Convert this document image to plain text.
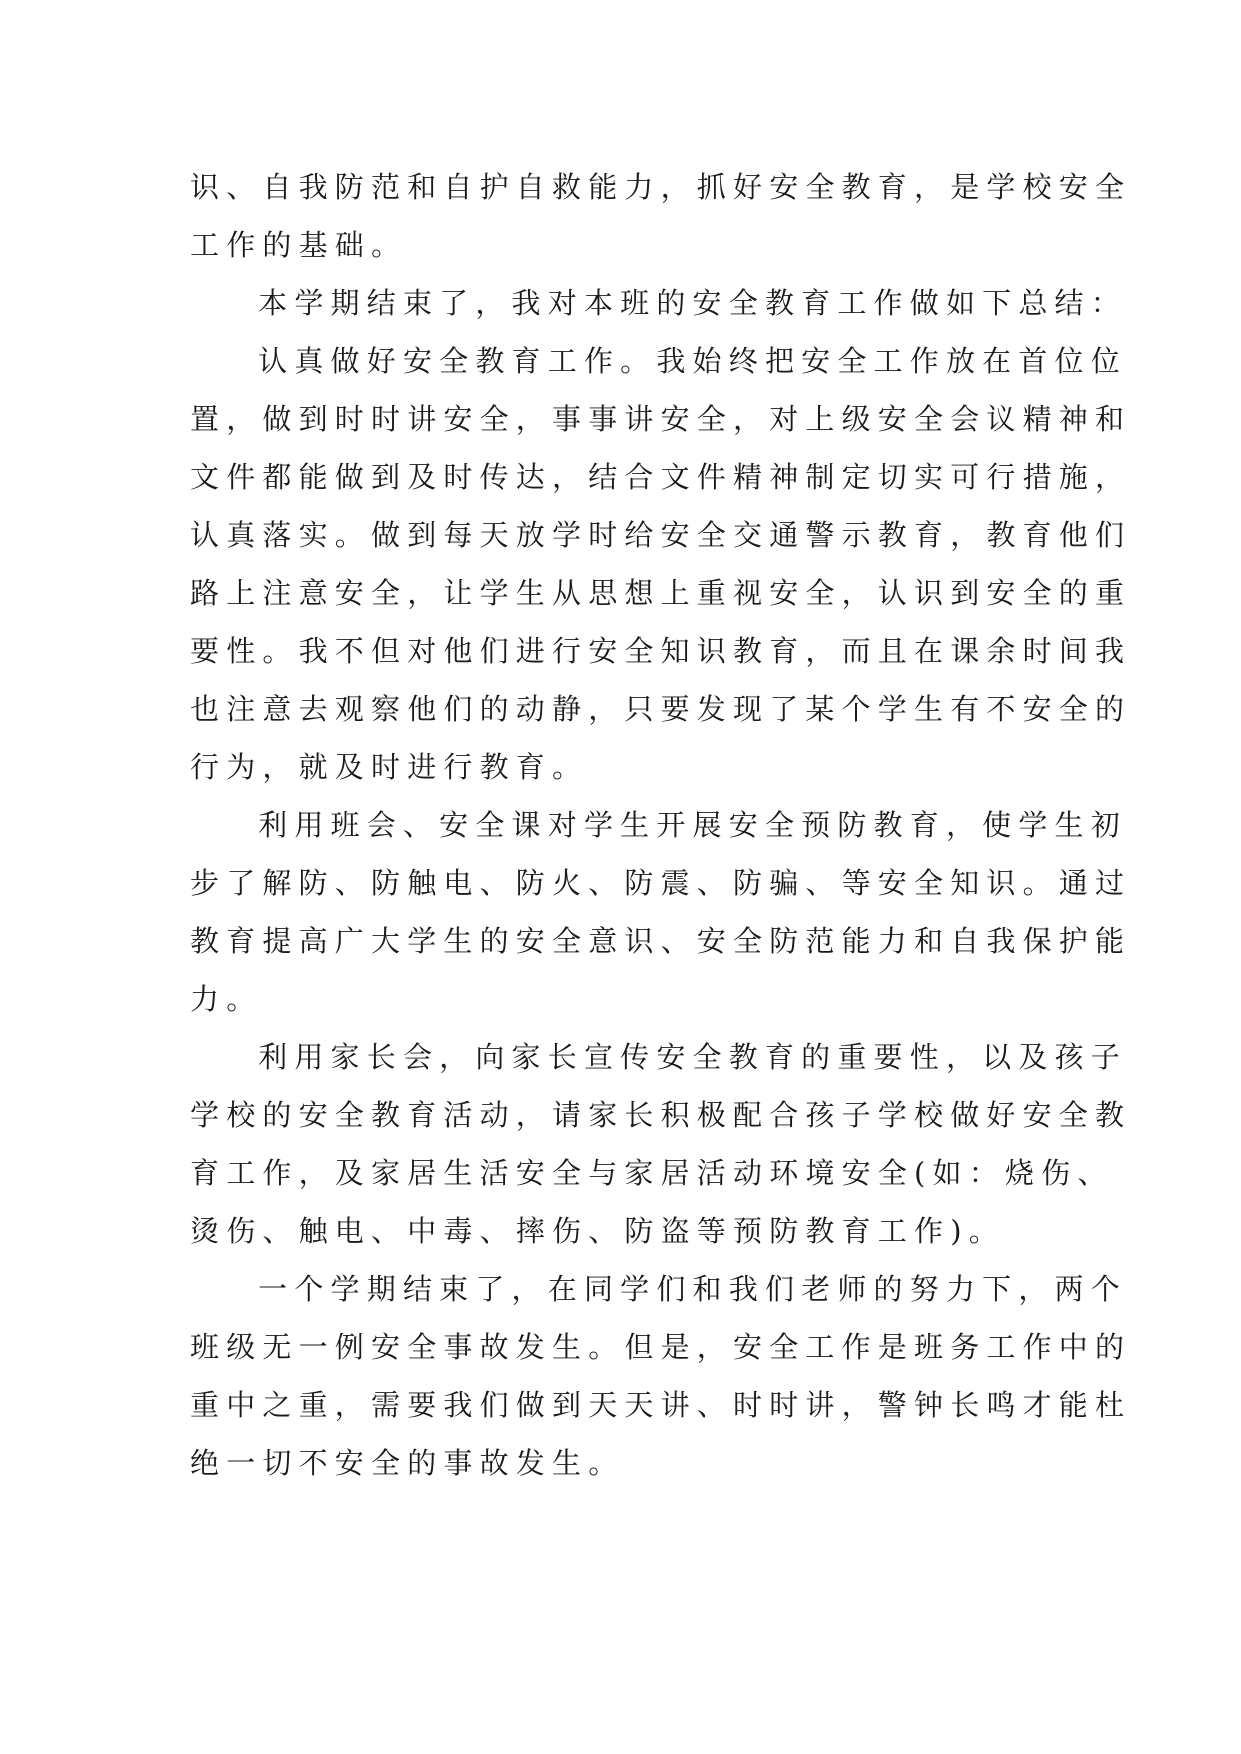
识、自我防范和自护自救能力，抓好安全教育，是学校安全
工作的基础。
本学期结束了，我对本班的安全教育工作做如下总结：
认真做好安全教育工作。我始终把安全工作放在首位位
置，做到时时讲安全，事事讲安全，对上级安全会议精神和
文件都能做到及时传达，结合文件精神制定切实可行措施，
认真落实。做到每天放学时给安全交通警示教育，教育他们
路上注意安全，让学生从思想上重视安全，认识到安全的重
要性。我不但对他们进行安全知识教育，而且在课余时间我
也注意去观察他们的动静，只要发现了某个学生有不安全的
行为，就及时进行教育。
利用班会、安全课对学生开展安全预防教育，使学生初
步了解防、防触电、防火、防震、防骗、等安全知识。通过
教育提高广大学生的安全意识、安全防范能力和自我保护能
力。
利用家长会，向家长宣传安全教育的重要性，以及孩子
学校的安全教育活动，请家长积极配合孩子学校做好安全教
育工作，及家居生活安全与家居活动环境安全(如：烧伤、
烫伤、触电、中毒、摔伤、防盗等预防教育工作)。
一个学期结束了，在同学们和我们老师的努力下，两个
班级无一例安全事故发生。但是，安全工作是班务工作中的
重中之重，需要我们做到天天讲、时时讲，警钟长鸣才能杜
绝一切不安全的事故发生。
